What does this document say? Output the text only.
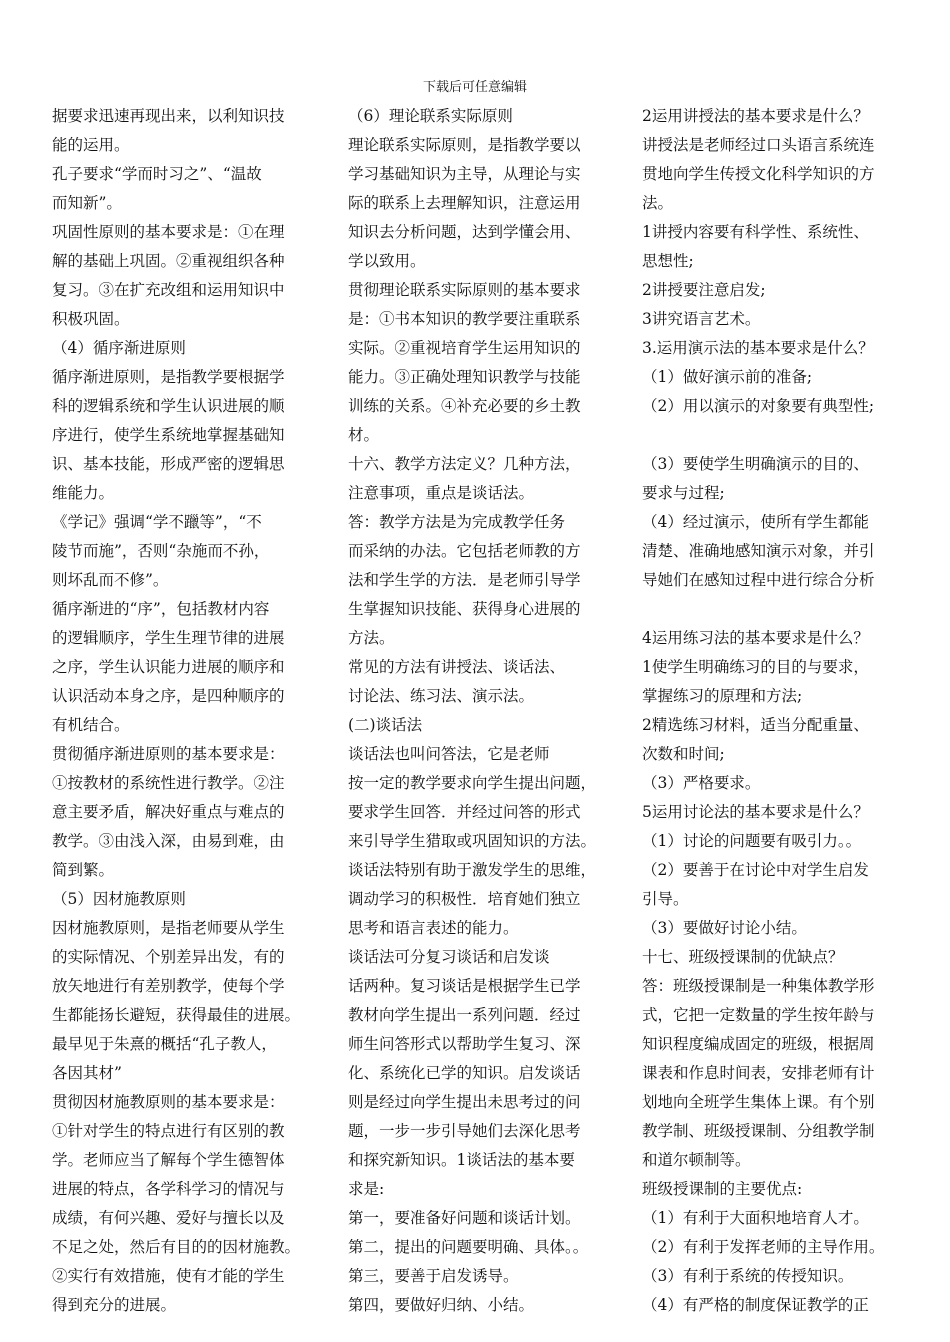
下载后可任意编辑

据要求迅速再现出来，以利知识技

能的运用。

孔子要求“学而时习之”、“温故

而知新”。

巩固性原则的基本要求是：①在理

解的基础上巩固。②重视组织各种

复习。③在扩充改组和运用知识中

积极巩固。

（4）循序渐进原则

循序渐进原则，是指教学要根据学

科的逻辑系统和学生认识进展的顺

序进行，使学生系统地掌握基础知

识、基本技能，形成严密的逻辑思

维能力。

《学记》强调“学不躐等”，“不

陵节而施”，否则“杂施而不孙，

则坏乱而不修”。

循序渐进的“序”，包括教材内容

的逻辑顺序，学生生理节律的进展

之序，学生认识能力进展的顺序和

认识活动本身之序，是四种顺序的

有机结合。

贯彻循序渐进原则的基本要求是：

①按教材的系统性进行教学。②注

意主要矛盾，解决好重点与难点的

教学。③由浅入深，由易到难，由

简到繁。

（5）因材施教原则

因材施教原则，是指老师要从学生

的实际情况、个别差异出发，有的

放矢地进行有差别教学，使每个学

生都能扬长避短，获得最佳的进展。

最早见于朱熹的概括“孔子教人，

各因其材”

贯彻因材施教原则的基本要求是：

①针对学生的特点进行有区别的教

学。老师应当了解每个学生德智体

进展的特点，各学科学习的情况与

成绩，有何兴趣、爱好与擅长以及

不足之处，然后有目的的因材施教。

②实行有效措施，使有才能的学生

得到充分的进展。

（6）理论联系实际原则

理论联系实际原则，是指教学要以

学习基础知识为主导，从理论与实

际的联系上去理解知识，注意运用

知识去分析问题，达到学懂会用、

学以致用。

贯彻理论联系实际原则的基本要求

是：①书本知识的教学要注重联系

实际。②重视培育学生运用知识的

能力。③正确处理知识教学与技能

训练的关系。④补充必要的乡土教

材。

十六、教学方法定义？几种方法，

注意事项，重点是谈话法。

答：教学方法是为完成教学任务

而采纳的办法。它包括老师教的方

法和学生学的方法．是老师引导学

生掌握知识技能、获得身心进展的

方法。

常见的方法有讲授法、谈话法、

讨论法、练习法、演示法。

(二)谈话法

谈话法也叫问答法，它是老师

按一定的教学要求向学生提出问题，

要求学生回答．并经过问答的形式

来引导学生猎取或巩固知识的方法。

谈话法特别有助于激发学生的思维，

调动学习的积极性．培育她们独立

思考和语言表述的能力。

谈话法可分复习谈话和启发谈

话两种。复习谈话是根据学生已学

教材向学生提出一系列问题．经过

师生问答形式以帮助学生复习、深

化、系统化已学的知识。启发谈话

则是经过向学生提出未思考过的问

题，一步一步引导她们去深化思考

和探究新知识。1谈话法的基本要

求是:

第一，要准备好问题和谈话计划。

第二，提出的问题要明确、具体。。

第三，要善于启发诱导。

第四，要做好归纳、小结。

2运用讲授法的基本要求是什么？

讲授法是老师经过口头语言系统连

贯地向学生传授文化科学知识的方

法。

1讲授内容要有科学性、系统性、

思想性;

2讲授要注意启发;

3讲究语言艺术。

3.运用演示法的基本要求是什么？

（1）做好演示前的准备;

（2）用以演示的对象要有典型性;

（3）要使学生明确演示的目的、

要求与过程;

（4）经过演示，使所有学生都能

清楚、准确地感知演示对象，并引

导她们在感知过程中进行综合分析

4运用练习法的基本要求是什么？

1使学生明确练习的目的与要求，

掌握练习的原理和方法;

2精选练习材料，适当分配重量、

次数和时间;

（3）严格要求。

5运用讨论法的基本要求是什么？

（1）讨论的问题要有吸引力。。

（2）要善于在讨论中对学生启发

引导。

（3）要做好讨论小结。

十七、班级授课制的优缺点？

答：班级授课制是一种集体教学形

式，它把一定数量的学生按年龄与

知识程度编成固定的班级，根据周

课表和作息时间表，安排老师有计

划地向全班学生集体上课。有个别

教学制、班级授课制、分组教学制

和道尔顿制等。

班级授课制的主要优点:

（1）有利于大面积地培育人才。

（2）有利于发挥老师的主导作用。

（3）有利于系统的传授知识。

（4）有严格的制度保证教学的正
